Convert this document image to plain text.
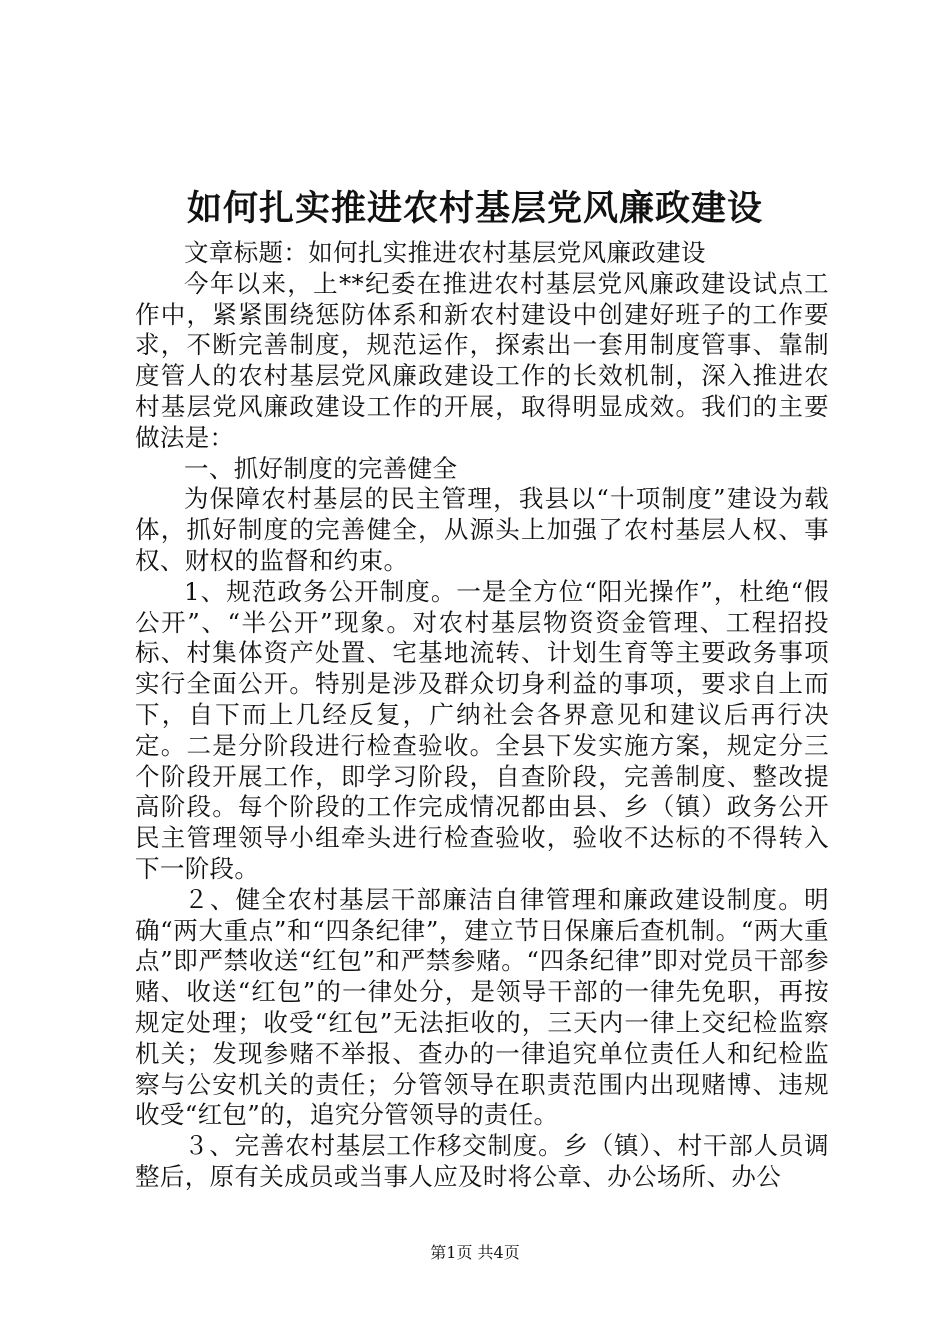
如何扎实推进农村基层党风廉政建设

文章标题：如何扎实推进农村基层党风廉政建设

今年以来，上**纪委在推进农村基层党风廉政建设试点工作中，紧紧围绕惩防体系和新农村建设中创建好班子的工作要求，不断完善制度，规范运作，探索出一套用制度管事、靠制度管人的农村基层党风廉政建设工作的长效机制，深入推进农村基层党风廉政建设工作的开展，取得明显成效。我们的主要做法是：

一、抓好制度的完善健全

为保障农村基层的民主管理，我县以“十项制度”建设为载体，抓好制度的完善健全，从源头上加强了农村基层人权、事权、财权的监督和约束。

1、规范政务公开制度。一是全方位“阳光操作”，杜绝“假公开”、“半公开”现象。对农村基层物资资金管理、工程招投标、村集体资产处置、宅基地流转、计划生育等主要政务事项实行全面公开。特别是涉及群众切身利益的事项，要求自上而下，自下而上几经反复，广纳社会各界意见和建议后再行决定。二是分阶段进行检查验收。全县下发实施方案，规定分三个阶段开展工作，即学习阶段，自查阶段，完善制度、整改提高阶段。每个阶段的工作完成情况都由县、乡（镇）政务公开民主管理领导小组牵头进行检查验收，验收不达标的不得转入下一阶段。

２、健全农村基层干部廉洁自律管理和廉政建设制度。明确“两大重点”和“四条纪律”，建立节日保廉后查机制。“两大重点”即严禁收送“红包”和严禁参赌。“四条纪律”即对党员干部参赌、收送“红包”的一律处分，是领导干部的一律先免职，再按规定处理；收受“红包”无法拒收的，三天内一律上交纪检监察机关；发现参赌不举报、查办的一律追究单位责任人和纪检监察与公安机关的责任；分管领导在职责范围内出现赌博、违规收受“红包”的，追究分管领导的责任。

３、完善农村基层工作移交制度。乡（镇）、村干部人员调整后，原有关成员或当事人应及时将公章、办公场所、办公

第1页 共4页
